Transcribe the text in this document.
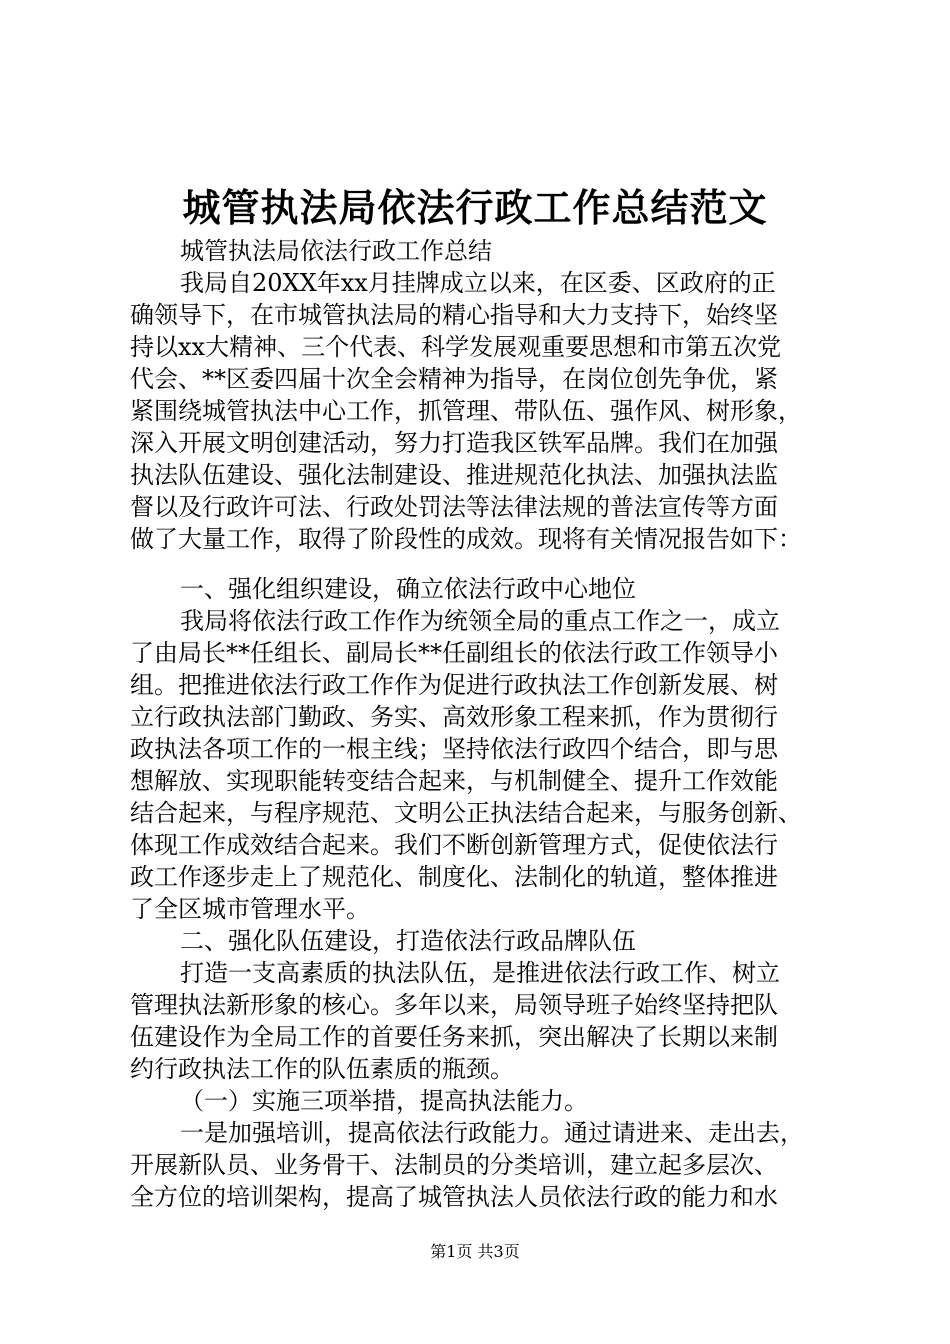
城管执法局依法行政工作总结范文
城管执法局依法行政工作总结
我局自20XX年xx月挂牌成立以来，在区委、区政府的正
确领导下，在市城管执法局的精心指导和大力支持下，始终坚
持以xx大精神、三个代表、科学发展观重要思想和市第五次党
代会、**区委四届十次全会精神为指导，在岗位创先争优，紧
紧围绕城管执法中心工作，抓管理、带队伍、强作风、树形象，
深入开展文明创建活动，努力打造我区铁军品牌。我们在加强
执法队伍建设、强化法制建设、推进规范化执法、加强执法监
督以及行政许可法、行政处罚法等法律法规的普法宣传等方面
做了大量工作，取得了阶段性的成效。现将有关情况报告如下：
一、强化组织建设，确立依法行政中心地位
我局将依法行政工作作为统领全局的重点工作之一，成立
了由局长**任组长、副局长**任副组长的依法行政工作领导小
组。把推进依法行政工作作为促进行政执法工作创新发展、树
立行政执法部门勤政、务实、高效形象工程来抓，作为贯彻行
政执法各项工作的一根主线；坚持依法行政四个结合，即与思
想解放、实现职能转变结合起来，与机制健全、提升工作效能
结合起来，与程序规范、文明公正执法结合起来，与服务创新、
体现工作成效结合起来。我们不断创新管理方式，促使依法行
政工作逐步走上了规范化、制度化、法制化的轨道，整体推进
了全区城市管理水平。
二、强化队伍建设，打造依法行政品牌队伍
打造一支高素质的执法队伍，是推进依法行政工作、树立
管理执法新形象的核心。多年以来，局领导班子始终坚持把队
伍建设作为全局工作的首要任务来抓，突出解决了长期以来制
约行政执法工作的队伍素质的瓶颈。
（一）实施三项举措，提高执法能力。
一是加强培训，提高依法行政能力。通过请进来、走出去，
开展新队员、业务骨干、法制员的分类培训，建立起多层次、
全方位的培训架构，提高了城管执法人员依法行政的能力和水
第1页 共3页
